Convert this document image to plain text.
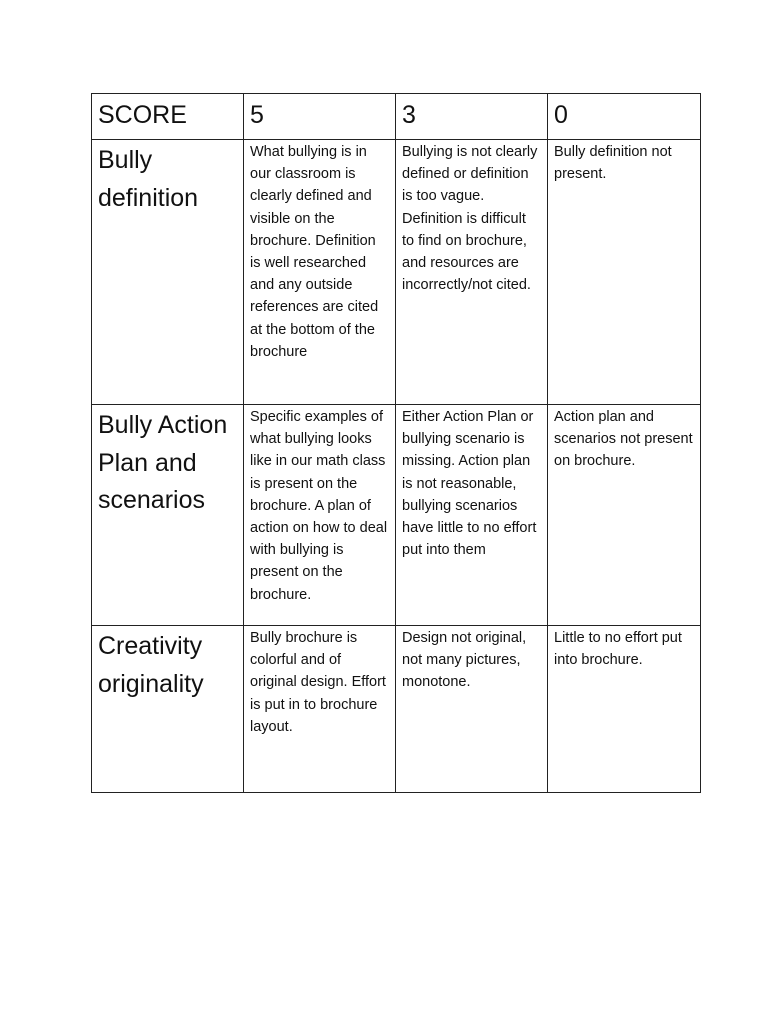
SCORE	5	3	0

Bully definition	What bullying is in our classroom is clearly defined and visible on the brochure. Definition is well researched and any outside references are cited at the bottom of the brochure	Bullying is not clearly defined or definition is too vague. Definition is difficult to find on brochure, and resources are incorrectly/not cited.	Bully definition not present.

Bully Action Plan and scenarios	Specific examples of what bullying looks like in our math class is present on the brochure. A plan of action on how to deal with bullying is present on the brochure.	Either Action Plan or bullying scenario is missing. Action plan is not reasonable, bullying scenarios have little to no effort put into them	Action plan and scenarios not present on brochure.

Creativity originality	Bully brochure is colorful and of original design. Effort is put in to brochure layout.	Design not original, not many pictures, monotone.	Little to no effort put into brochure.
